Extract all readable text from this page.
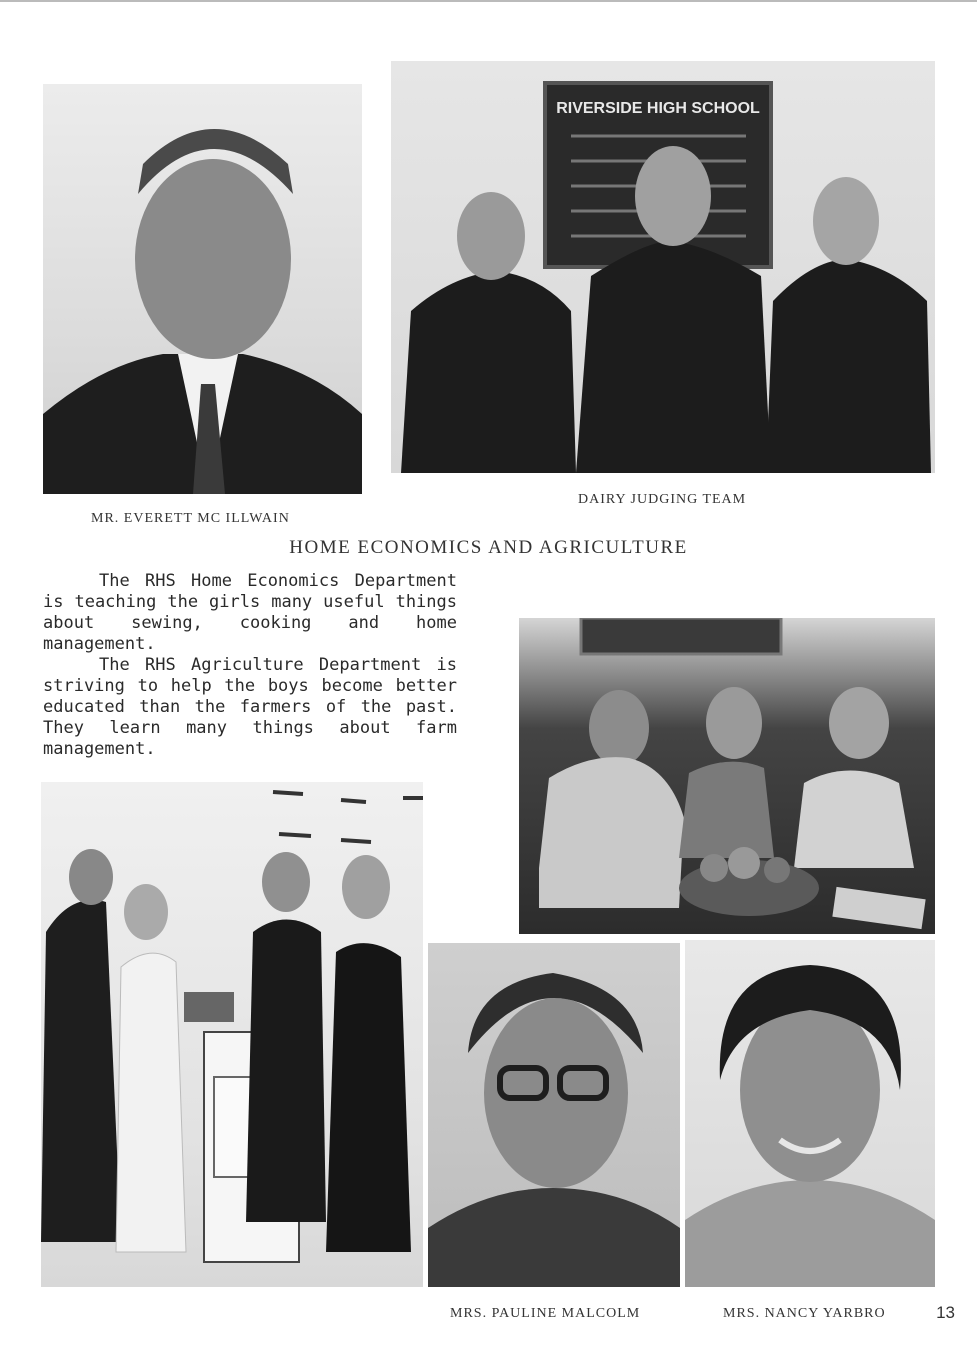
RIVERSIDE HIGH SCHOOL
MR. EVERETT MC ILLWAIN
DAIRY JUDGING TEAM
HOME ECONOMICS AND AGRICULTURE

The RHS Home Economics Department is teaching the girls many useful things about sewing, cooking and home management.

The RHS Agriculture Department is striving to help the boys become better educated than the farmers of the past. They learn many things about farm management.

MRS. PAULINE MALCOLM	MRS. NANCY YARBRO	13
